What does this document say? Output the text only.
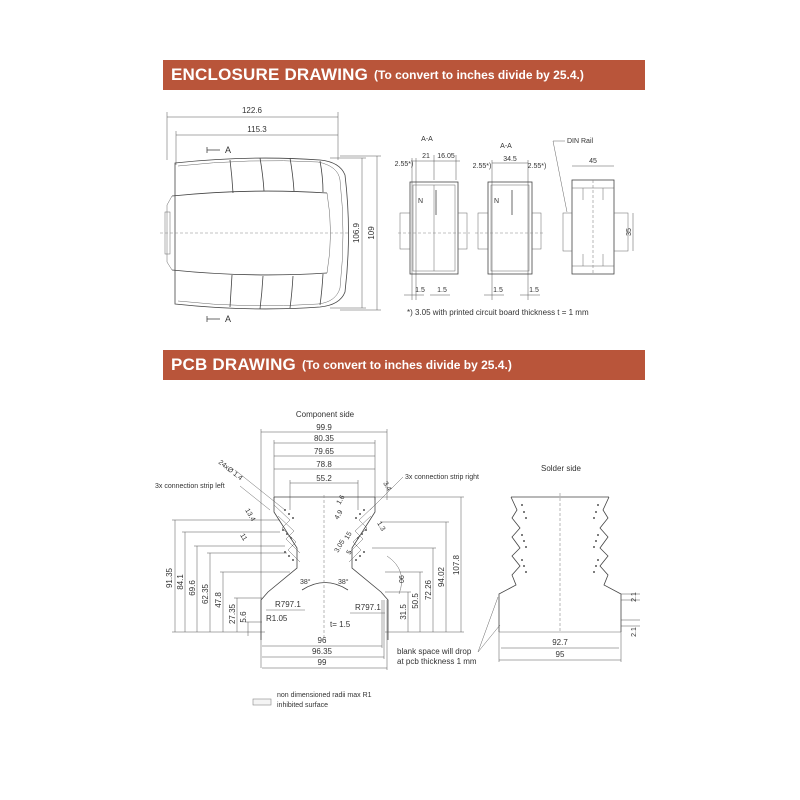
ENCLOSURE DRAWING (To convert to inches divide by 25.4.)
PCB DRAWING (To convert to inches divide by 25.4.)
122.6
115.3
106.9 109
A
A
A-A
2.55*)
21 16.05
N
1.5 1.5
A-A
2.55*)
34.5
2.55*)
N
1.5	1.5
DIN Rail
45
35
*) 3.05 with printed circuit board thickness t = 1 mm
Component side
99.9
80.35
79.65
78.8
55.2
3x connection strip left
3x connection strip right
24xØ 1.4
13.4
11
3.4
1.6
4.9
1.3
15
3.05 5
91.35 84.1 69.6 62.35 47.8
27.35 5.6	31.5
50.5
72.26
94.02
107.8
38°	38°	06
R797.1	R797.1
R1.05
t= 1.5
96
96.35
99
blank space will drop
at pcb thickness 1 mm
Solder side
92.7
95
2.1
2.1
non dimensioned radii max R1
inhibited surface
